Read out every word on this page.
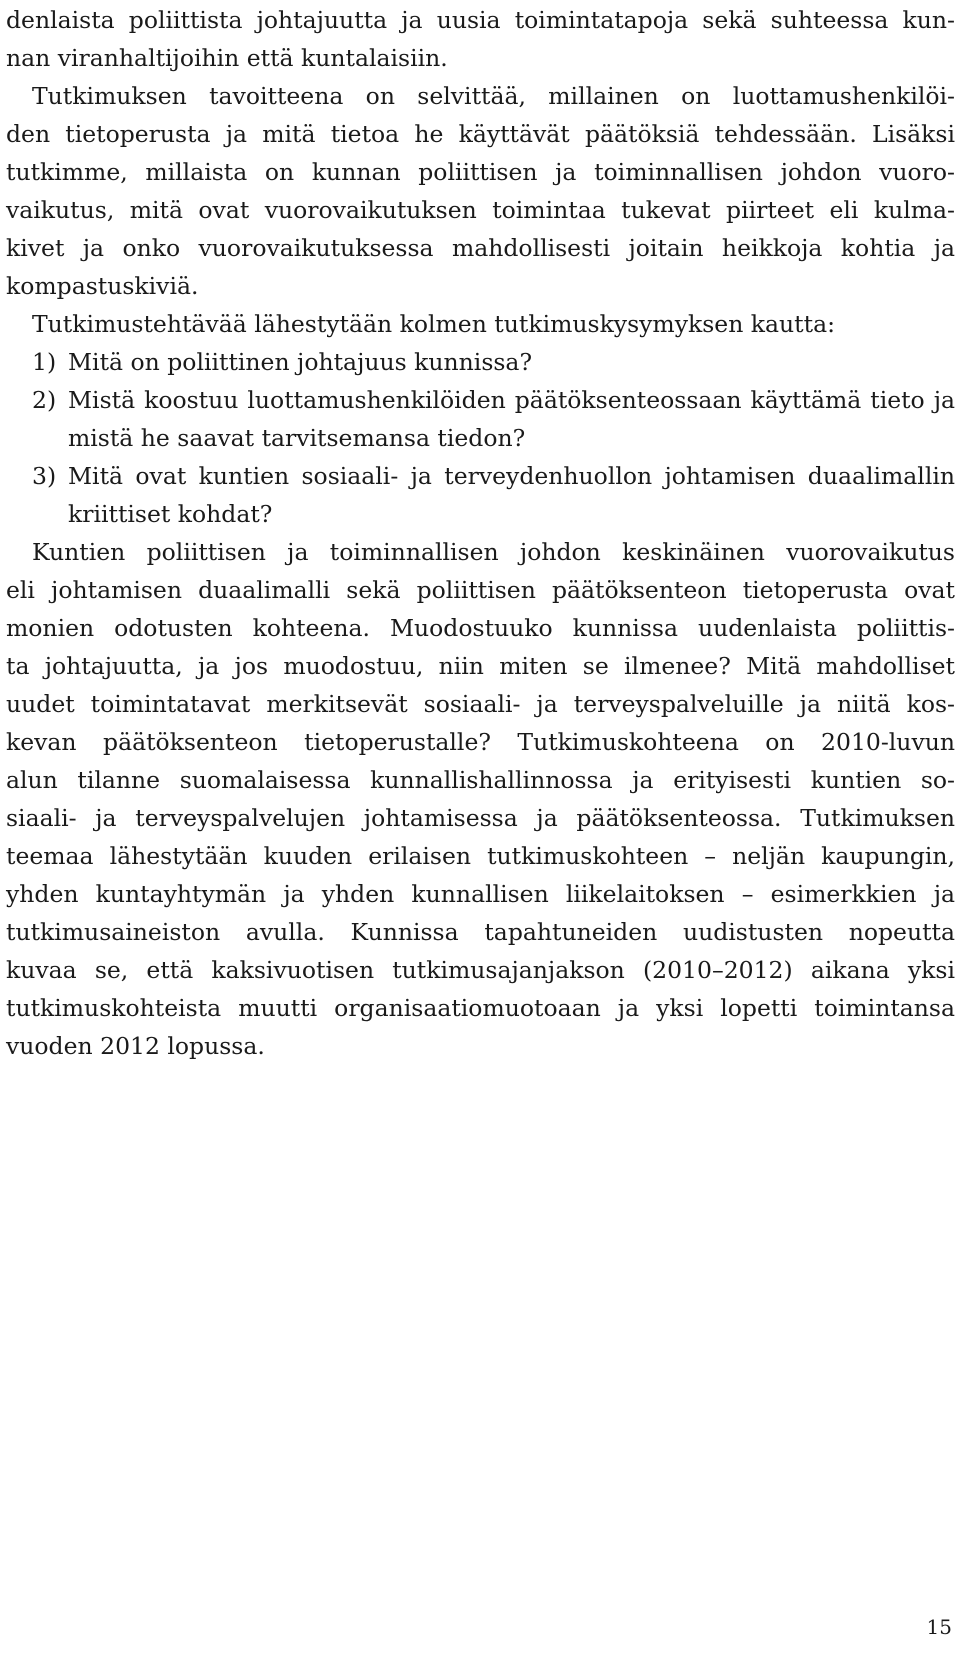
denlaista poliittista johtajuutta ja uusia toimintatapoja sekä suhteessa kun-
nan viranhaltijoihin että kuntalaisiin.
Tutkimuksen tavoitteena on selvittää, millainen on luottamushenkilöi-
den tietoperusta ja mitä tietoa he käyttävät päätöksiä tehdessään. Lisäksi
tutkimme, millaista on kunnan poliittisen ja toiminnallisen johdon vuoro-
vaikutus, mitä ovat vuorovaikutuksen toimintaa tukevat piirteet eli kulma-
kivet ja onko vuorovaikutuksessa mahdollisesti joitain heikkoja kohtia ja
kompastuskiviä.
Tutkimustehtävää lähestytään kolmen tutkimuskysymyksen kautta:
1) Mitä on poliittinen johtajuus kunnissa?
2) Mistä koostuu luottamushenkilöiden päätöksenteossaan käyttämä tieto ja
mistä he saavat tarvitsemansa tiedon?
3) Mitä ovat kuntien sosiaali- ja terveydenhuollon johtamisen duaalimallin
kriittiset kohdat?
Kuntien poliittisen ja toiminnallisen johdon keskinäinen vuorovaikutus
eli johtamisen duaalimalli sekä poliittisen päätöksenteon tietoperusta ovat
monien odotusten kohteena. Muodostuuko kunnissa uudenlaista poliittis-
ta johtajuutta, ja jos muodostuu, niin miten se ilmenee? Mitä mahdolliset
uudet toimintatavat merkitsevät sosiaali- ja terveyspalveluille ja niitä kos-
kevan päätöksenteon tietoperustalle? Tutkimuskohteena on 2010-luvun
alun tilanne suomalaisessa kunnallishallinnossa ja erityisesti kuntien so-
siaali- ja terveyspalvelujen johtamisessa ja päätöksenteossa. Tutkimuksen
teemaa lähestytään kuuden erilaisen tutkimuskohteen – neljän kaupungin,
yhden kuntayhtymän ja yhden kunnallisen liikelaitoksen – esimerkkien ja
tutkimusaineiston avulla. Kunnissa tapahtuneiden uudistusten nopeutta
kuvaa se, että kaksivuotisen tutkimusajanjakson (2010–2012) aikana yksi
tutkimuskohteista muutti organisaatiomuotoaan ja yksi lopetti toimintansa
vuoden 2012 lopussa.
15
